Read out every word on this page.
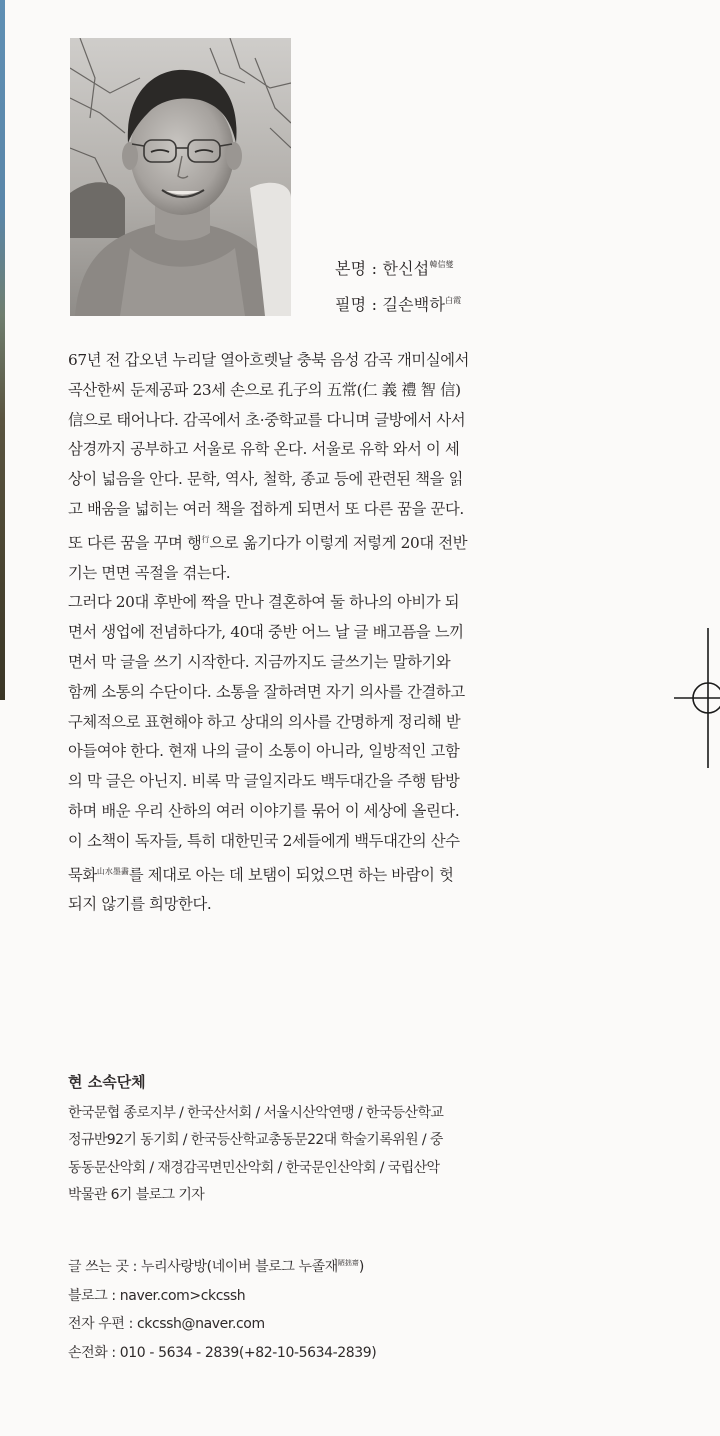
본명 : 한신섭$^{韓信燮}$
필명 : 길손백하$^{白霞}$
67년 전 갑오년 누리달 열아흐렛날 충북 음성 감곡 개미실에서
곡산한씨 둔제공파 23세 손으로 孔子의 五常(仁 義 禮 智 信)
信으로 태어나다. 감곡에서 초·중학교를 다니며 글방에서 사서
삼경까지 공부하고 서울로 유학 온다. 서울로 유학 와서 이 세
상이 넓음을 안다. 문학, 역사, 철학, 종교 등에 관련된 책을 읽
고 배움을 넓히는 여러 책을 접하게 되면서 또 다른 꿈을 꾼다.
또 다른 꿈을 꾸며 행$^行$으로 옮기다가 이렇게 저렇게 20대 전반
기는 면면 곡절을 겪는다.
그러다 20대 후반에 짝을 만나 결혼하여 둘 하나의 아비가 되
면서 생업에 전념하다가, 40대 중반 어느 날 글 배고픔을 느끼
면서 막 글을 쓰기 시작한다. 지금까지도 글쓰기는 말하기와
함께 소통의 수단이다. 소통을 잘하려면 자기 의사를 간결하고
구체적으로 표현해야 하고 상대의 의사를 간명하게 정리해 받
아들여야 한다. 현재 나의 글이 소통이 아니라, 일방적인 고함
의 막 글은 아닌지. 비록 막 글일지라도 백두대간을 주행 탐방
하며 배운 우리 산하의 여러 이야기를 묶어 이 세상에 올린다.
이 소책이 독자들, 특히 대한민국 2세들에게 백두대간의 산수
묵화$^{山水墨畵}$를 제대로 아는 데 보탬이 되었으면 하는 바람이 헛
되지 않기를 희망한다.
현 소속단체
한국문협 종로지부 / 한국산서회 / 서울시산악연맹 / 한국등산학교
정규반92기 동기회 / 한국등산학교총동문22대 학술기록위원 / 중
동동문산악회 / 재경감곡면민산악회 / 한국문인산악회 / 국립산악
박물관 6기 블로그 기자
글 쓰는 곳 : 누리사랑방(네이버 블로그 누졸재$^{陋拙齋}$)
블로그 : naver.com>ckcssh
전자 우편 : ckcssh@naver.com
손전화 : 010 - 5634 - 2839(+82-10-5634-2839)
